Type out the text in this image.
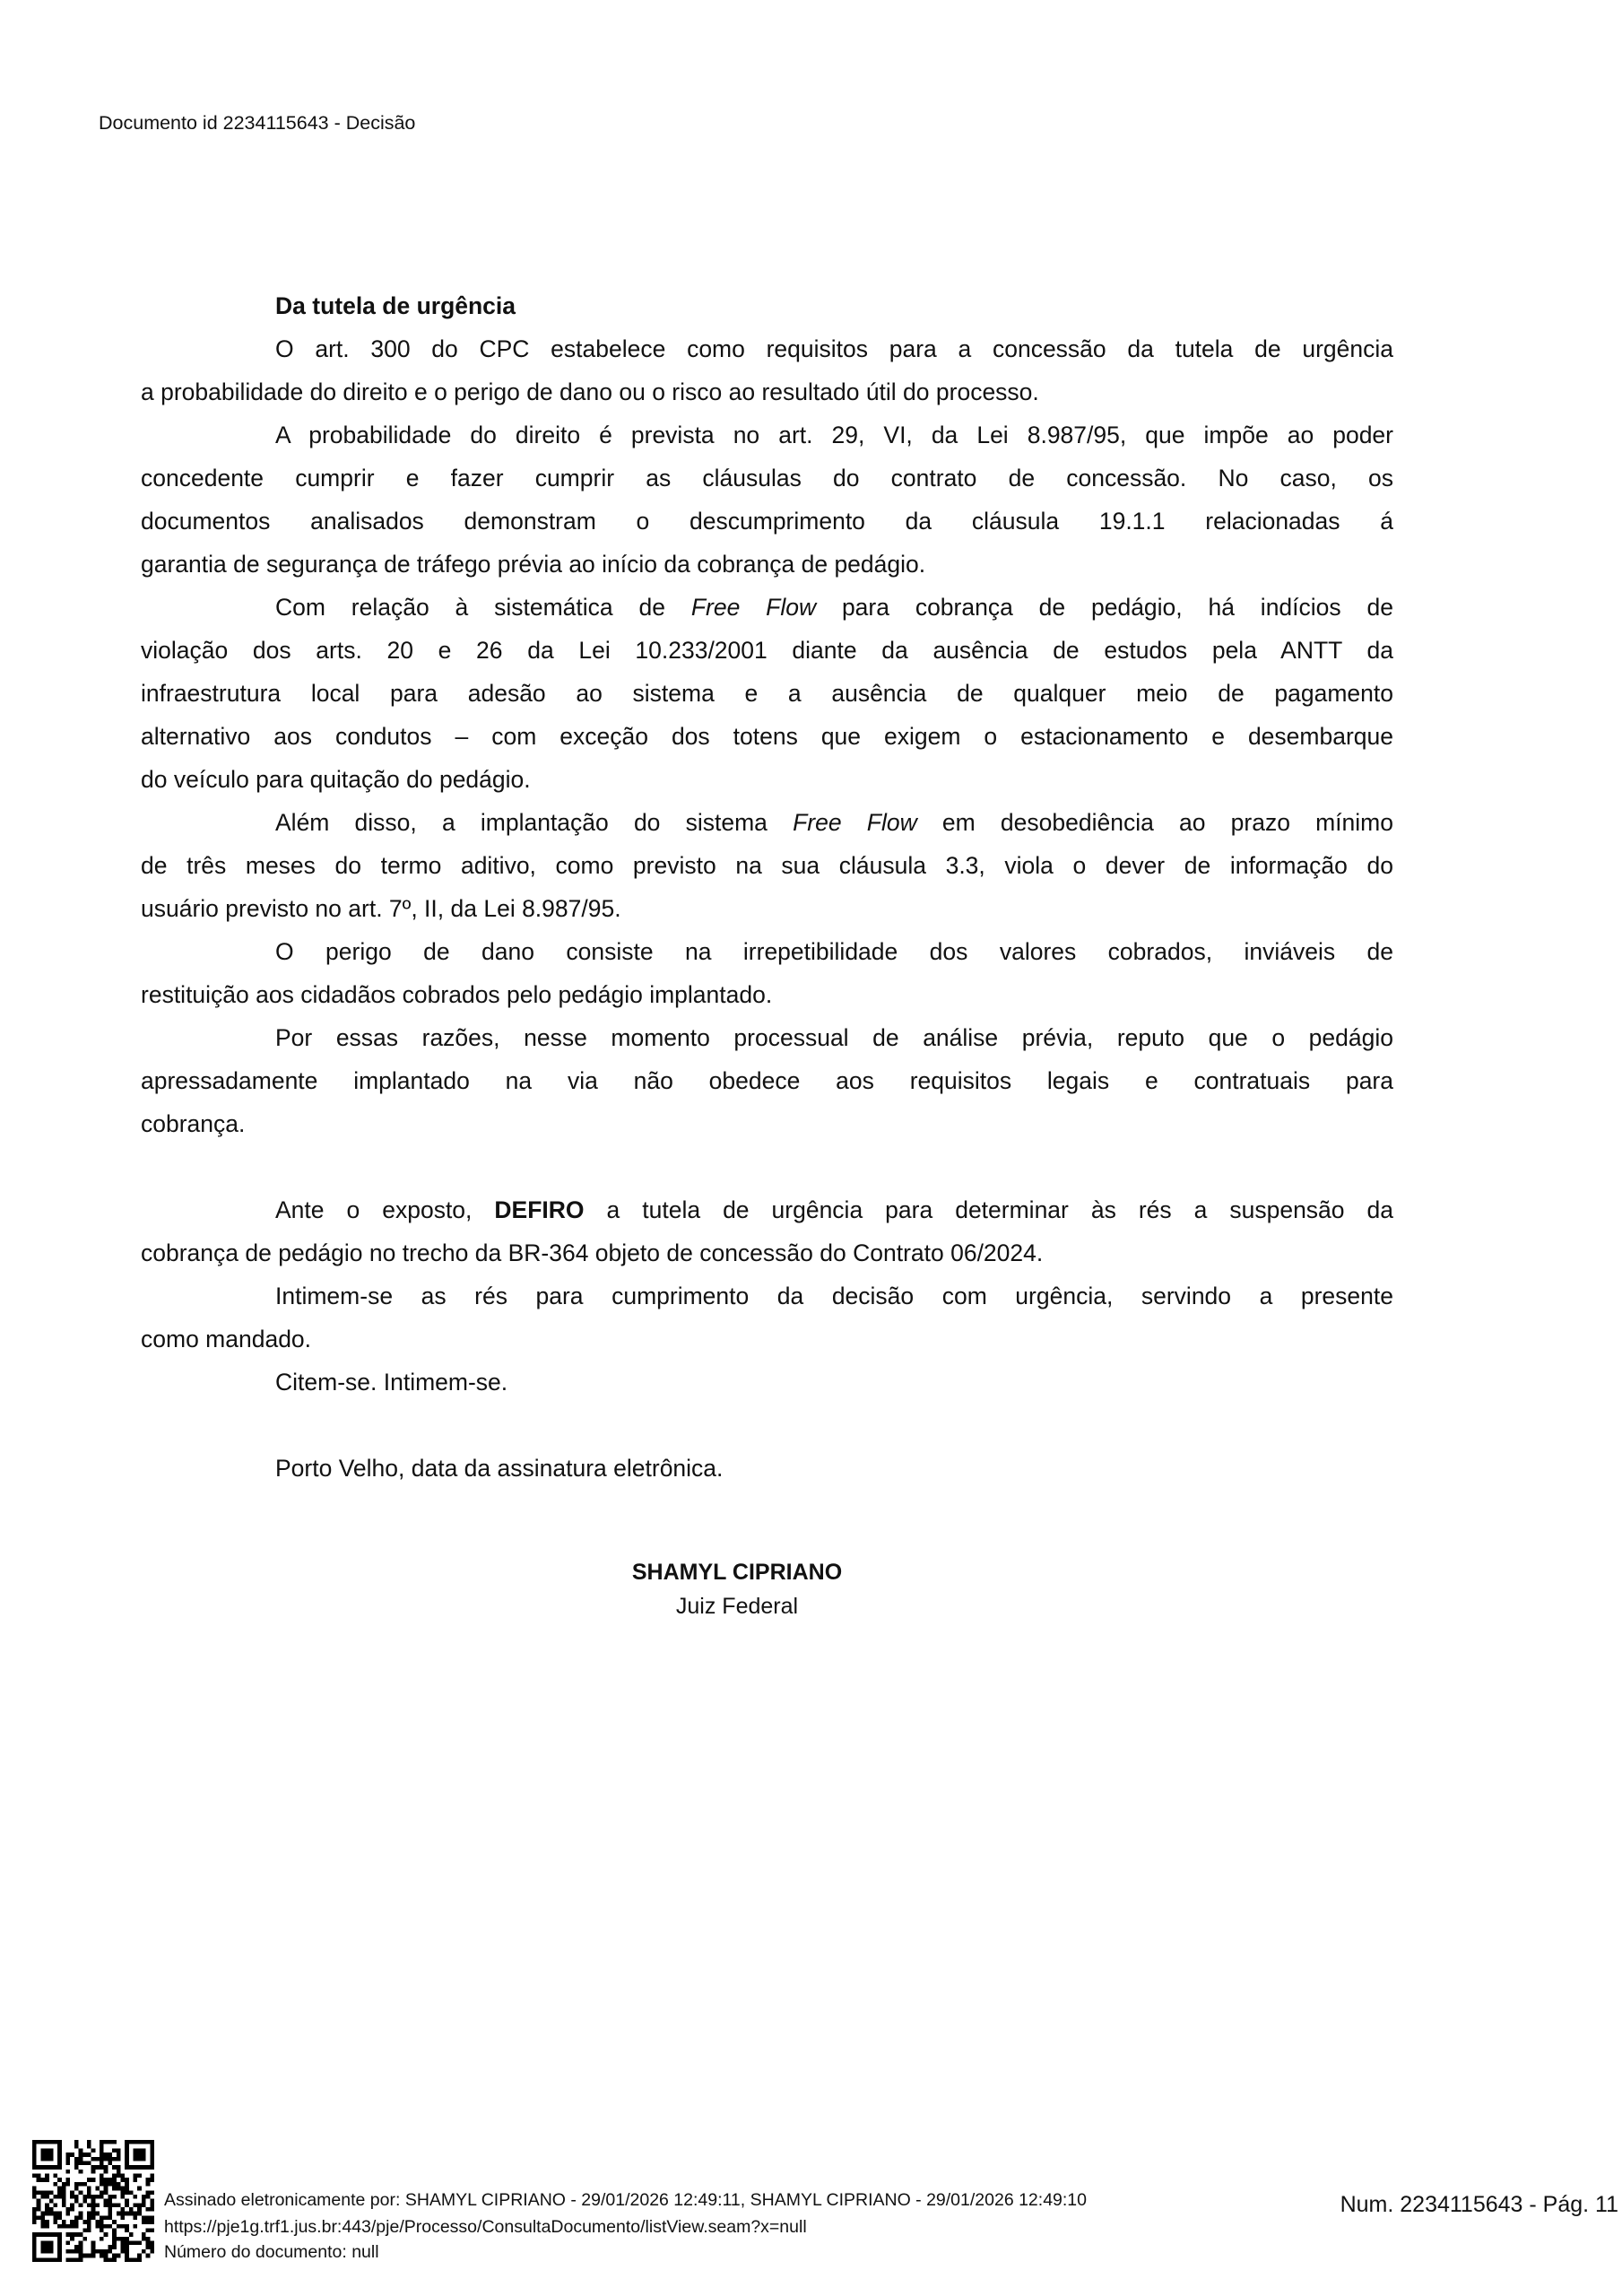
Documento id 2234115643 - Decisão
Da tutela de urgência
O art. 300 do CPC estabelece como requisitos para a concessão da tutela de urgência
a probabilidade do direito e o perigo de dano ou o risco ao resultado útil do processo.
A probabilidade do direito é prevista no art. 29, VI, da Lei 8.987/95, que impõe ao poder
concedente cumprir e fazer cumprir as cláusulas do contrato de concessão. No caso, os
documentos analisados demonstram o descumprimento da cláusula 19.1.1 relacionadas á
garantia de segurança de tráfego prévia ao início da cobrança de pedágio.
Com relação à sistemática de Free Flow para cobrança de pedágio, há indícios de
violação dos arts. 20 e 26 da Lei 10.233/2001 diante da ausência de estudos pela ANTT da
infraestrutura local para adesão ao sistema e a ausência de qualquer meio de pagamento
alternativo aos condutos – com exceção dos totens que exigem o estacionamento e desembarque
do veículo para quitação do pedágio.
Além disso, a implantação do sistema Free Flow em desobediência ao prazo mínimo
de três meses do termo aditivo, como previsto na sua cláusula 3.3, viola o dever de informação do
usuário previsto no art. 7º, II, da Lei 8.987/95.
O perigo de dano consiste na irrepetibilidade dos valores cobrados, inviáveis de
restituição aos cidadãos cobrados pelo pedágio implantado.
Por essas razões, nesse momento processual de análise prévia, reputo que o pedágio
apressadamente implantado na via não obedece aos requisitos legais e contratuais para
cobrança.
Ante o exposto, DEFIRO a tutela de urgência para determinar às rés a suspensão da
cobrança de pedágio no trecho da BR-364 objeto de concessão do Contrato 06/2024.
Intimem-se as rés para cumprimento da decisão com urgência, servindo a presente
como mandado.
Citem-se. Intimem-se.
Porto Velho, data da assinatura eletrônica.
SHAMYL CIPRIANO
Juiz Federal
Assinado eletronicamente por: SHAMYL CIPRIANO - 29/01/2026 12:49:11, SHAMYL CIPRIANO - 29/01/2026 12:49:10
https://pje1g.trf1.jus.br:443/pje/Processo/ConsultaDocumento/listView.seam?x=null
Número do documento: null
Num. 2234115643 - Pág. 11
